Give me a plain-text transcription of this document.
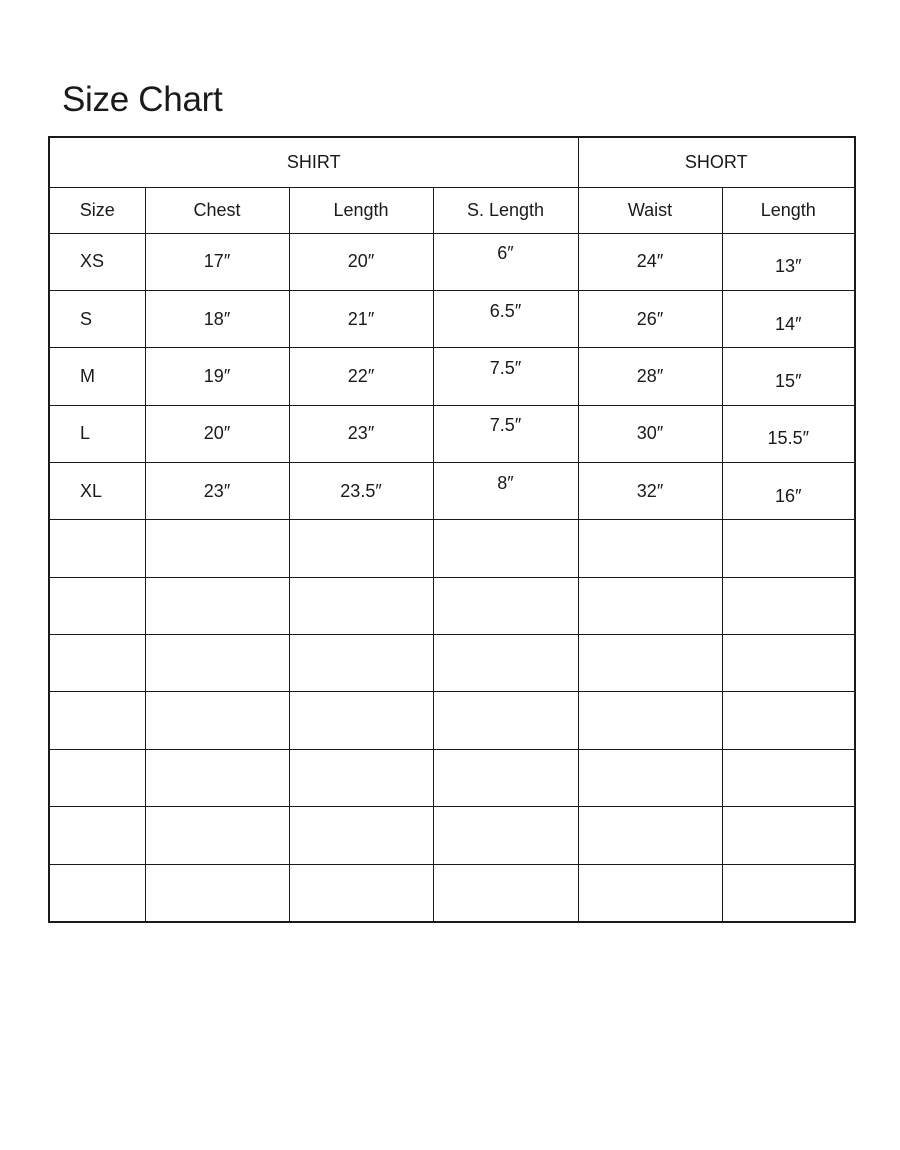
Size Chart
SHIRT				SHORT	
Size	Chest	Length	S. Length	Waist	Length
XS	17″	20″	6″	24″	13″
S	18″	21″	6.5″	26″	14″
M	19″	22″	7.5″	28″	15″
L	20″	23″	7.5″	30″	15.5″
XL	23″	23.5″	8″	32″	16″
